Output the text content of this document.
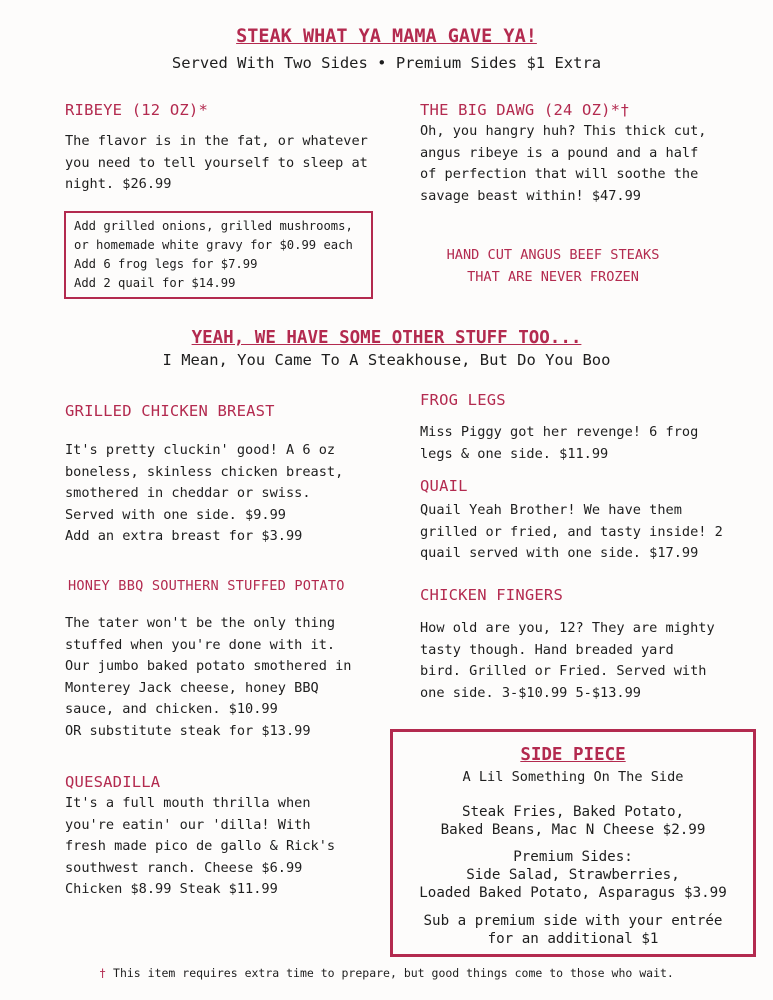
STEAK WHAT YA MAMA GAVE YA!
Served With Two Sides • Premium Sides $1 Extra
RIBEYE (12 OZ)*
The flavor is in the fat, or whatever
you need to tell yourself to sleep at
night. $26.99
Add grilled onions, grilled mushrooms,
or homemade white gravy for $0.99 each
Add 6 frog legs for $7.99
Add 2 quail for $14.99
THE BIG DAWG (24 OZ)*†
Oh, you hangry huh? This thick cut,
angus ribeye is a pound and a half
of perfection that will soothe the
savage beast within! $47.99
HAND CUT ANGUS BEEF STEAKS
THAT ARE NEVER FROZEN
YEAH, WE HAVE SOME OTHER STUFF TOO...
I Mean, You Came To A Steakhouse, But Do You Boo
GRILLED CHICKEN BREAST
It's pretty cluckin' good! A 6 oz
boneless, skinless chicken breast,
smothered in cheddar or swiss.
Served with one side. $9.99
Add an extra breast for $3.99
HONEY BBQ SOUTHERN STUFFED POTATO
The tater won't be the only thing
stuffed when you're done with it.
Our jumbo baked potato smothered in
Monterey Jack cheese, honey BBQ
sauce, and chicken. $10.99
OR substitute steak for $13.99
QUESADILLA
It's a full mouth thrilla when
you're eatin' our 'dilla! With
fresh made pico de gallo & Rick's
southwest ranch. Cheese $6.99
Chicken $8.99 Steak $11.99
FROG LEGS
Miss Piggy got her revenge! 6 frog
legs & one side. $11.99
QUAIL
Quail Yeah Brother! We have them
grilled or fried, and tasty inside! 2
quail served with one side. $17.99
CHICKEN FINGERS
How old are you, 12? They are mighty
tasty though. Hand breaded yard
bird. Grilled or Fried. Served with
one side. 3-$10.99 5-$13.99
SIDE PIECE
A Lil Something On The Side
Steak Fries, Baked Potato,
Baked Beans, Mac N Cheese $2.99
Premium Sides:
Side Salad, Strawberries,
Loaded Baked Potato, Asparagus $3.99
Sub a premium side with your entrée
for an additional $1
† This item requires extra time to prepare, but good things come to those who wait.
